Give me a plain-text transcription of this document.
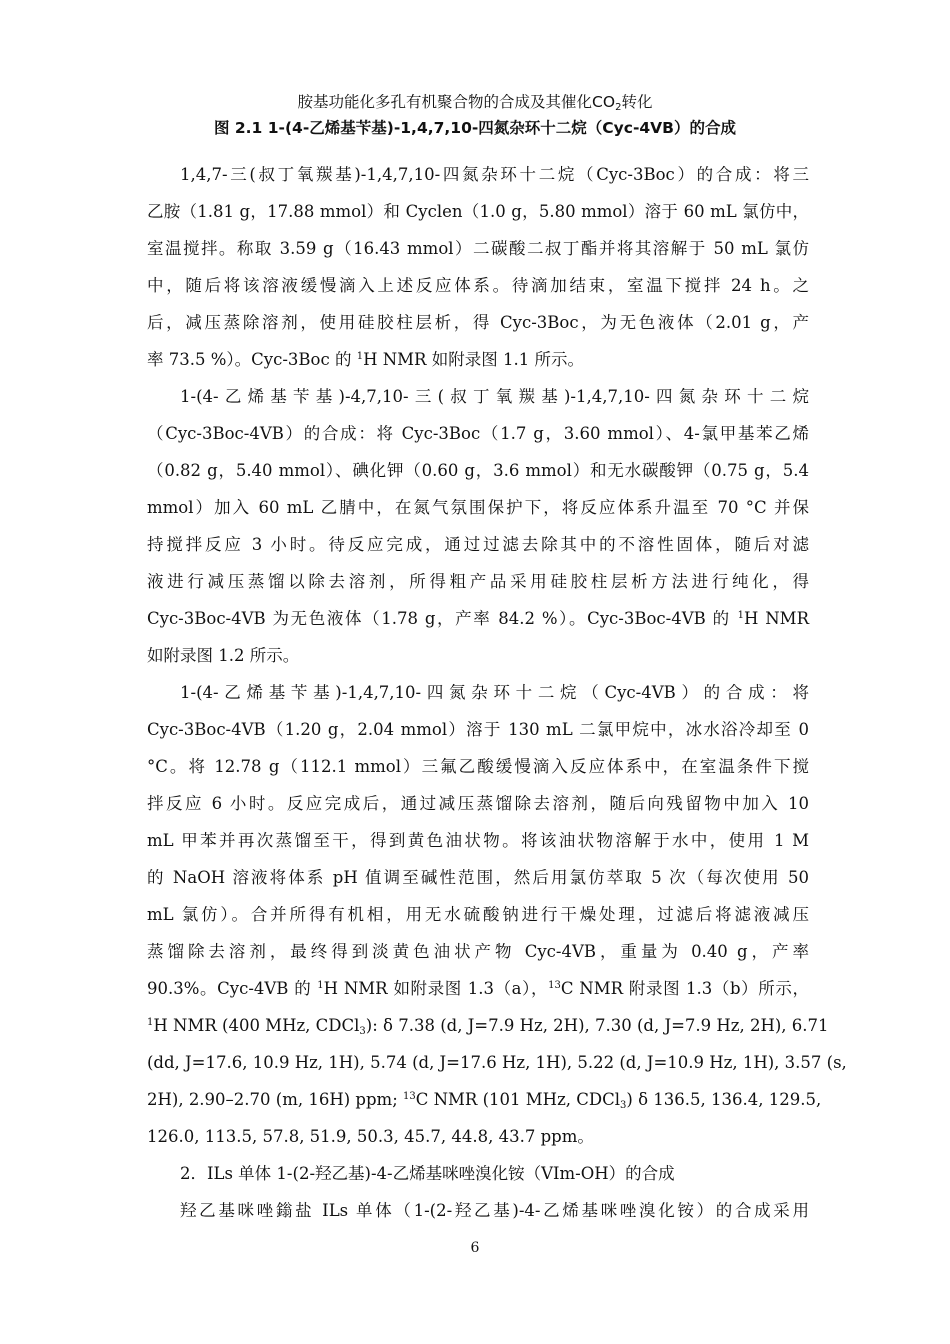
胺基功能化多孔有机聚合物的合成及其催化$CO_2$转化
图 2.1 1-(4-乙烯基苄基)-1,4,7,10-四氮杂环十二烷（Cyc-4VB）的合成
1,4,7-三(叔丁氧羰基)-1,4,7,10-四氮杂环十二烷（Cyc-3Boc）的合成：将三
乙胺（1.81 g，17.88 mmol）和 Cyclen（1.0 g，5.80 mmol）溶于 60 mL 氯仿中，
室温搅拌。称取 3.59 g（16.43 mmol）二碳酸二叔丁酯并将其溶解于 50 mL 氯仿
中，随后将该溶液缓慢滴入上述反应体系。待滴加结束，室温下搅拌 24 h。之
后，减压蒸除溶剂，使用硅胶柱层析，得 Cyc-3Boc，为无色液体（2.01 g，产
率 73.5 %）。Cyc-3Boc 的 $^1$H NMR 如附录图 1.1 所示。
1-(4-乙烯基苄基)-4,7,10-三(叔丁氧羰基)-1,4,7,10-四氮杂环十二烷
（Cyc-3Boc-4VB）的合成：将 Cyc-3Boc（1.7 g，3.60 mmol）、4-氯甲基苯乙烯
（0.82 g，5.40 mmol）、碘化钾（0.60 g，3.6 mmol）和无水碳酸钾（0.75 g，5.4
mmol）加入 60 mL 乙腈中，在氮气氛围保护下，将反应体系升温至 70 °C 并保
持搅拌反应 3 小时。待反应完成，通过过滤去除其中的不溶性固体，随后对滤
液进行减压蒸馏以除去溶剂，所得粗产品采用硅胶柱层析方法进行纯化，得
Cyc-3Boc-4VB 为无色液体（1.78 g，产率 84.2 %）。Cyc-3Boc-4VB 的 $^1$H NMR
如附录图 1.2 所示。
1-(4-乙烯基苄基)-1,4,7,10-四氮杂环十二烷（Cyc-4VB）的合成：将
Cyc-3Boc-4VB（1.20 g，2.04 mmol）溶于 130 mL 二氯甲烷中，冰水浴冷却至 0
°C。将 12.78 g（112.1 mmol）三氟乙酸缓慢滴入反应体系中，在室温条件下搅
拌反应 6 小时。反应完成后，通过减压蒸馏除去溶剂，随后向残留物中加入 10
mL 甲苯并再次蒸馏至干，得到黄色油状物。将该油状物溶解于水中，使用 1 M
的 NaOH 溶液将体系 pH 值调至碱性范围，然后用氯仿萃取 5 次（每次使用 50
mL 氯仿）。合并所得有机相，用无水硫酸钠进行干燥处理，过滤后将滤液减压
蒸馏除去溶剂，最终得到淡黄色油状产物 Cyc-4VB，重量为 0.40 g，产率
90.3%。Cyc-4VB 的 $^1$H NMR 如附录图 1.3（a），$^{13}$C NMR 附录图 1.3（b）所示，
$^1$H NMR (400 MHz, CDCl$_3$): δ 7.38 (d, J=7.9 Hz, 2H), 7.30 (d, J=7.9 Hz, 2H), 6.71
(dd, J=17.6, 10.9 Hz, 1H), 5.74 (d, J=17.6 Hz, 1H), 5.22 (d, J=10.9 Hz, 1H), 3.57 (s,
2H), 2.90–2.70 (m, 16H) ppm; $^{13}$C NMR (101 MHz, CDCl$_3$) δ 136.5, 136.4, 129.5,
126.0, 113.5, 57.8, 51.9, 50.3, 45.7, 44.8, 43.7 ppm。
2．ILs 单体 1-(2-羟乙基)-4-乙烯基咪唑溴化铵（VIm-OH）的合成
羟乙基咪唑鎓盐 ILs 单体（1-(2-羟乙基)-4-乙烯基咪唑溴化铵）的合成采用
6
